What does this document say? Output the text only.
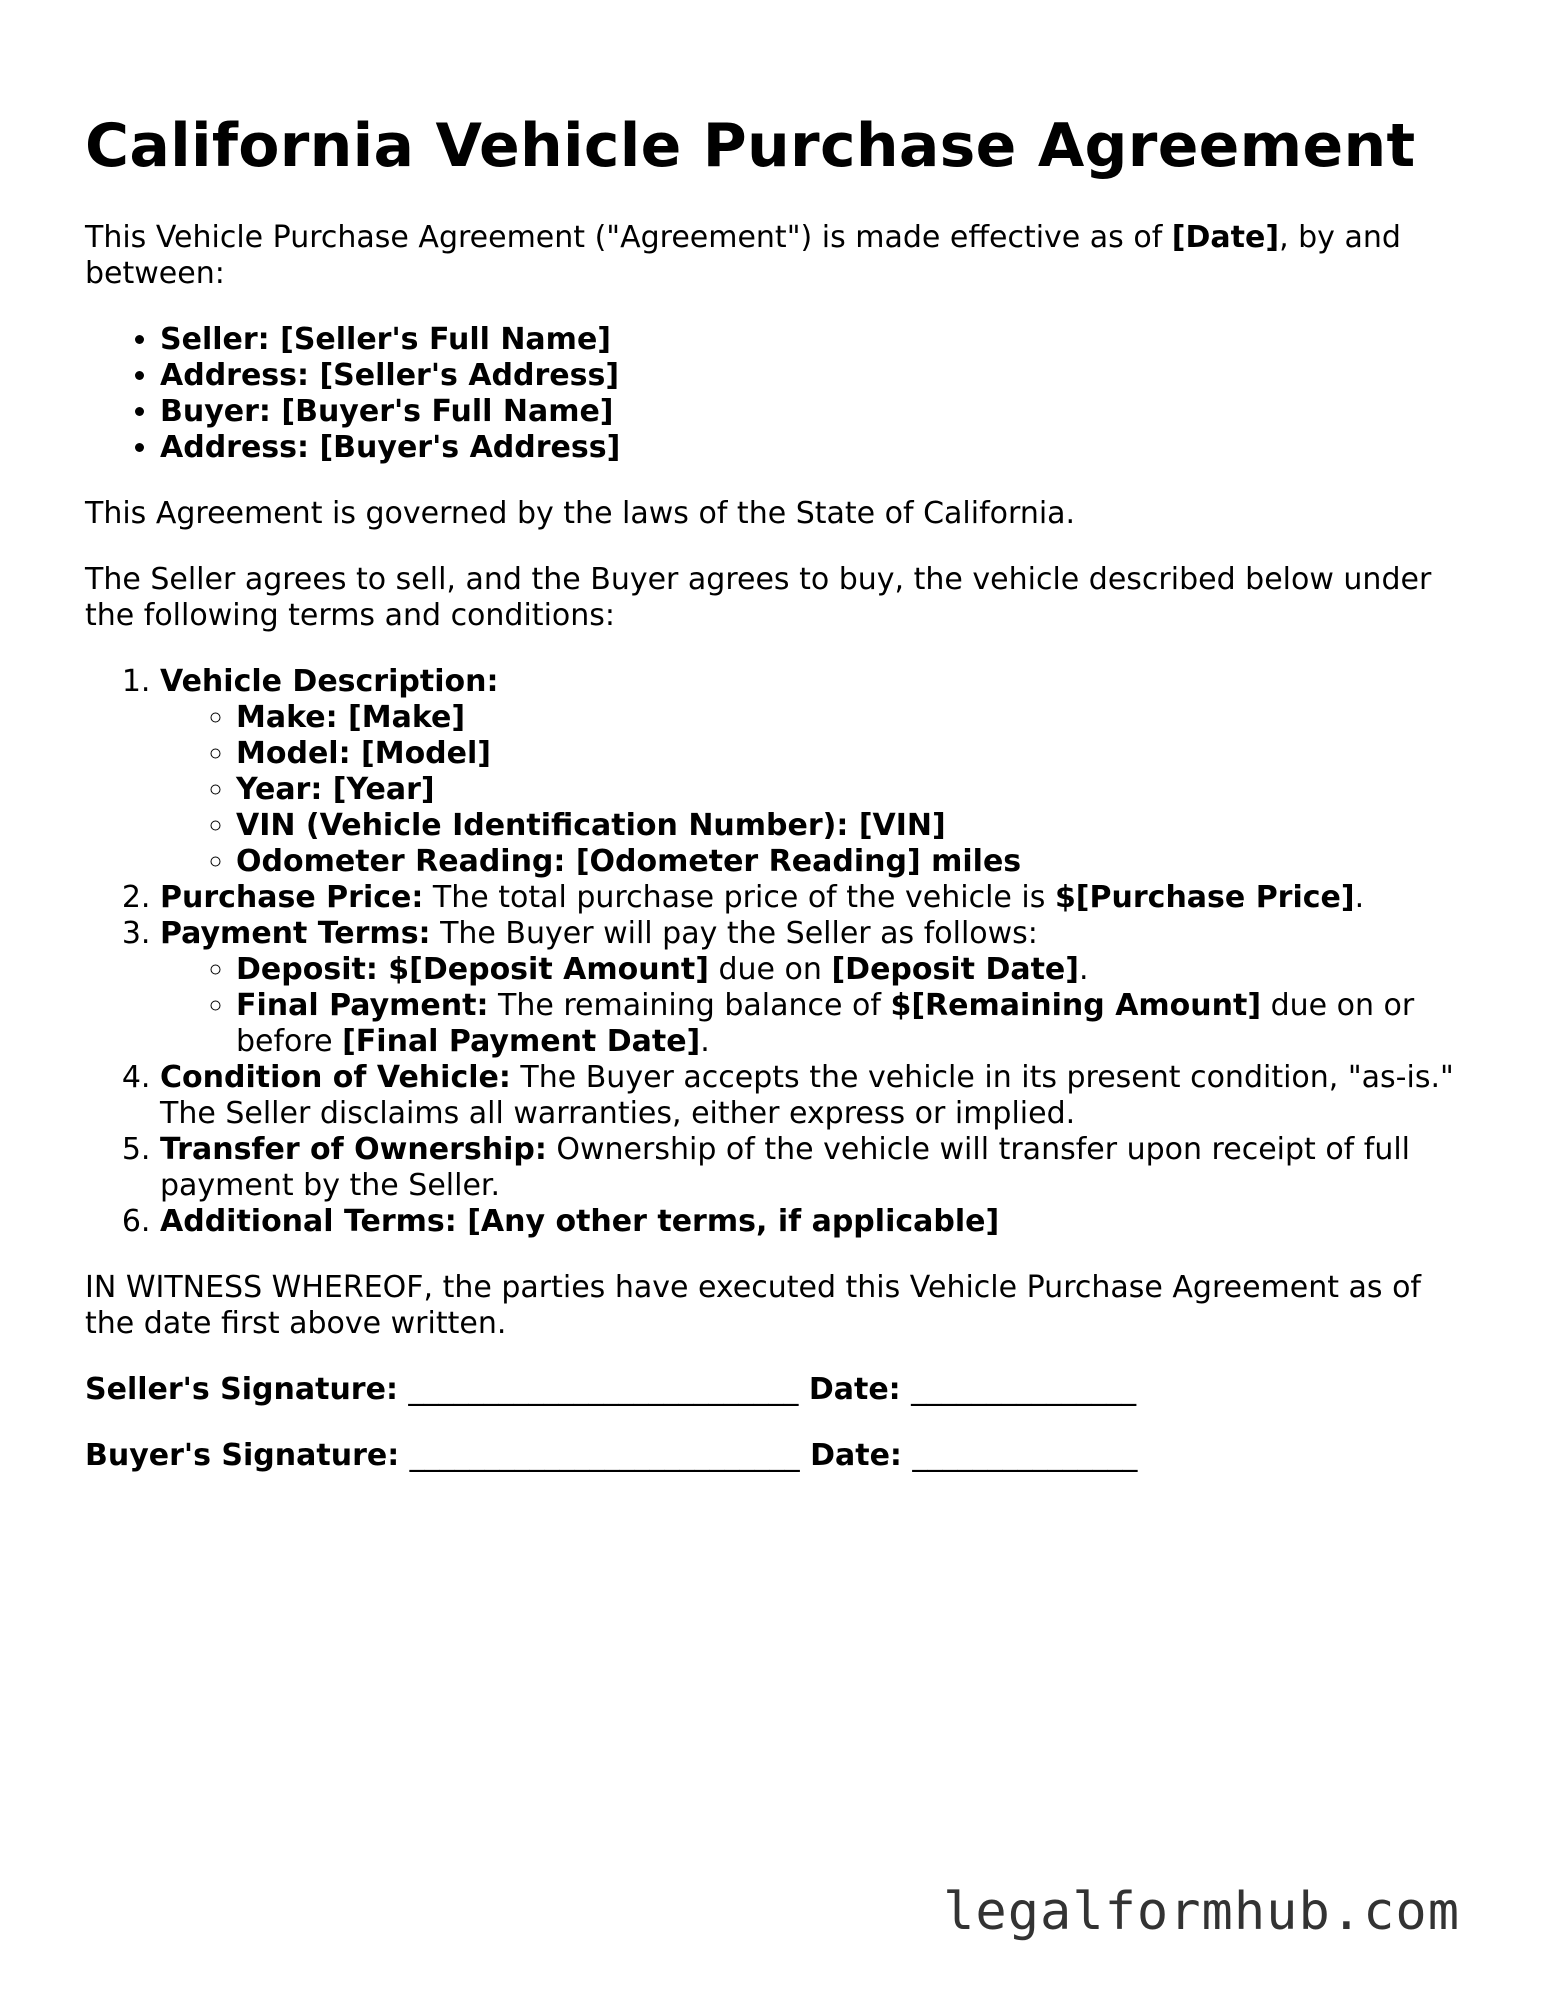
California Vehicle Purchase Agreement

This Vehicle Purchase Agreement ("Agreement") is made effective as of [Date], by and between:

• Seller: [Seller's Full Name]
• Address: [Seller's Address]
• Buyer: [Buyer's Full Name]
• Address: [Buyer's Address]

This Agreement is governed by the laws of the State of California.

The Seller agrees to sell, and the Buyer agrees to buy, the vehicle described below under the following terms and conditions:

1. Vehicle Description:
◦ Make: [Make]
◦ Model: [Model]
◦ Year: [Year]
◦ VIN (Vehicle Identification Number): [VIN]
◦ Odometer Reading: [Odometer Reading] miles
2. Purchase Price: The total purchase price of the vehicle is $[Purchase Price].
3. Payment Terms: The Buyer will pay the Seller as follows:
◦ Deposit: $[Deposit Amount] due on [Deposit Date].
◦ Final Payment: The remaining balance of $[Remaining Amount] due on or before [Final Payment Date].
4. Condition of Vehicle: The Buyer accepts the vehicle in its present condition, "as-is." The Seller disclaims all warranties, either express or implied.
5. Transfer of Ownership: Ownership of the vehicle will transfer upon receipt of full payment by the Seller.
6. Additional Terms: [Any other terms, if applicable]

IN WITNESS WHEREOF, the parties have executed this Vehicle Purchase Agreement as of the date first above written.

Seller's Signature: __________________________ Date: _______________

Buyer's Signature: __________________________ Date: _______________

legalformhub.com
